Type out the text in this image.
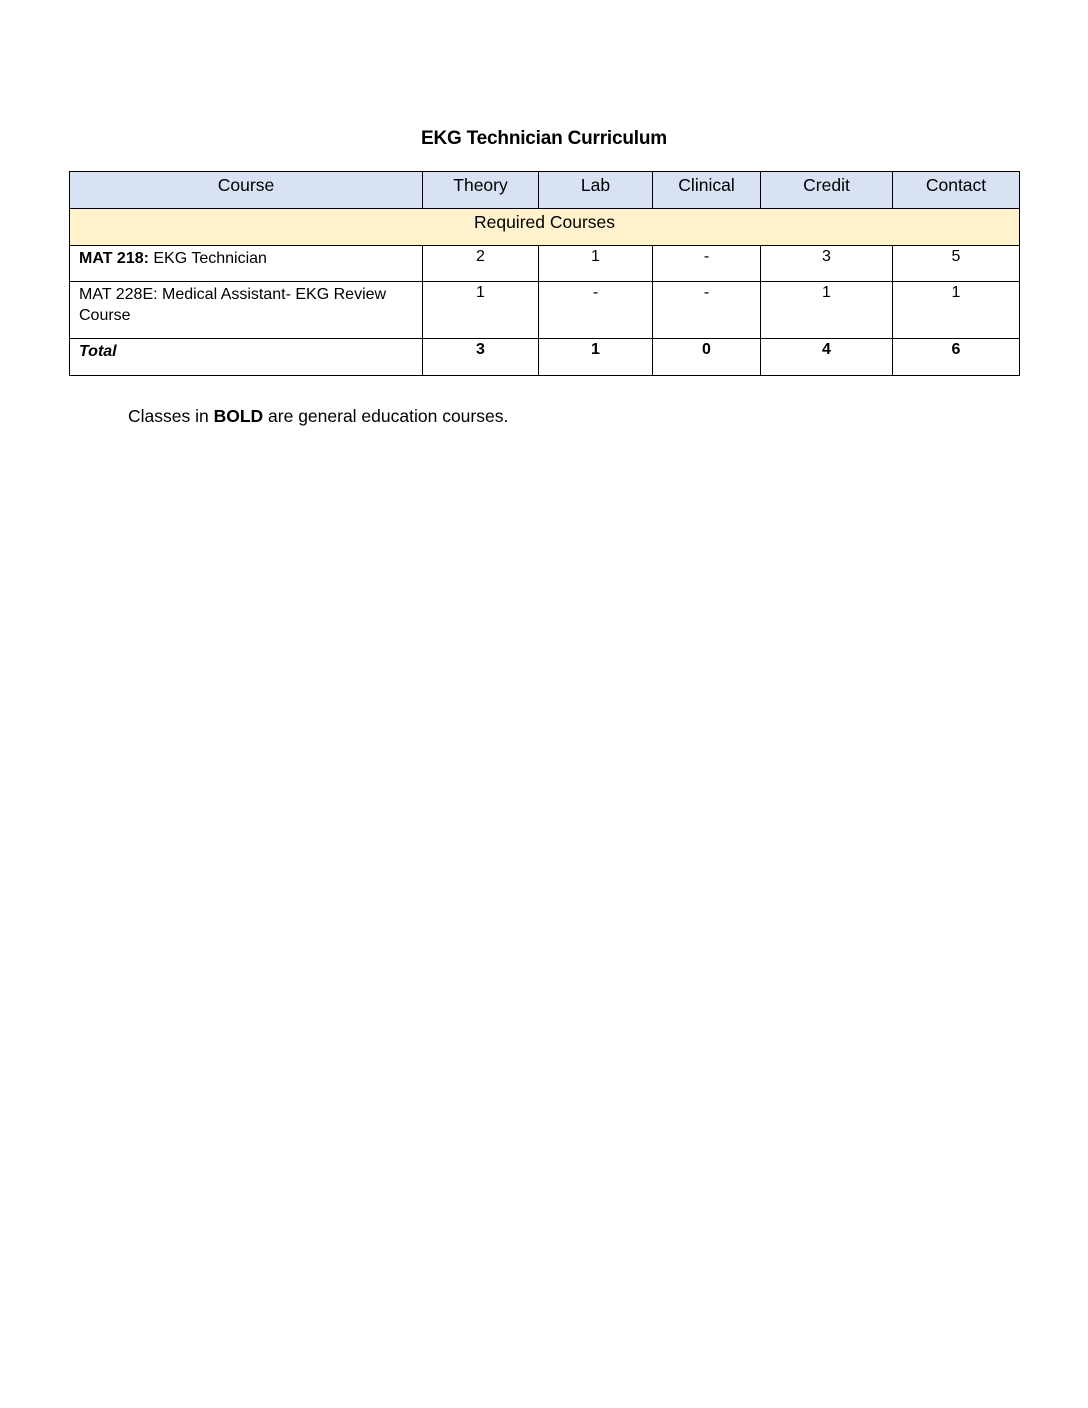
EKG Technician Curriculum
Course	Theory	Lab	Clinical	Credit	Contact
Required Courses					
MAT 218: EKG Technician	2	1	-	3	5
MAT 228E: Medical Assistant- EKG Review Course	1	-	-	1	1
Total	3	1	0	4	6

Classes in BOLD are general education courses.
